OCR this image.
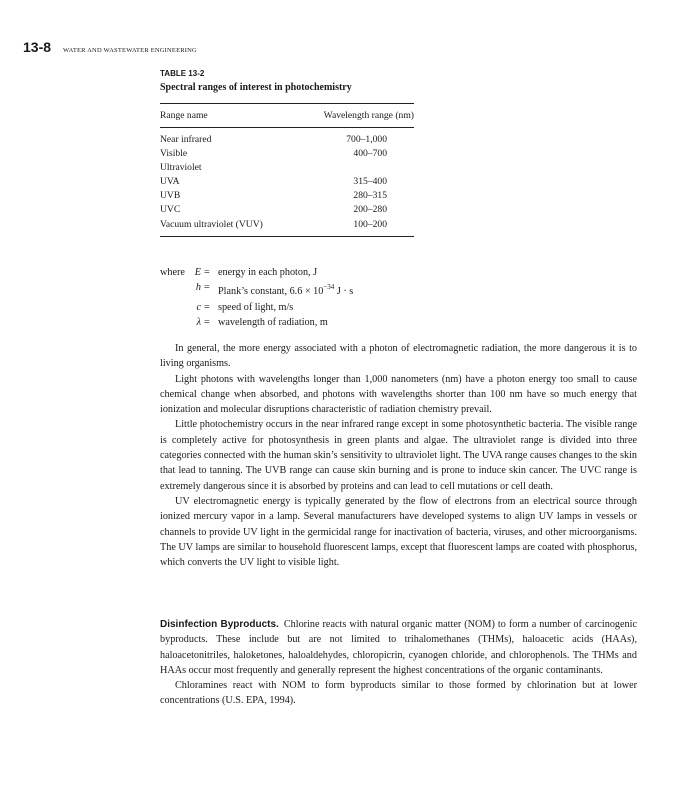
13-8 WATER AND WASTEWATER ENGINEERING
TABLE 13-2
Spectral ranges of interest in photochemistry
Range name	Wavelength range (nm)
Near infrared	700–1,000
Visible	400–700
Ultraviolet	
UVA	315–400
UVB	280–315
UVC	200–280
Vacuum ultraviolet (VUV)	100–200
where E = energy in each photon, J
h = Plank’s constant, $6.6 \times 10^{-34}$ J · s
c = speed of light, m/s
λ = wavelength of radiation, m

In general, the more energy associated with a photon of electromagnetic radiation, the more dangerous it is to living organisms.

Light photons with wavelengths longer than 1,000 nanometers (nm) have a photon energy too small to cause chemical change when absorbed, and photons with wavelengths shorter than 100 nm have so much energy that ionization and molecular disruptions characteristic of radiation chemistry prevail.

Little photochemistry occurs in the near infrared range except in some photosynthetic bacteria. The visible range is completely active for photosynthesis in green plants and algae. The ultraviolet range is divided into three categories connected with the human skin’s sensitivity to ultraviolet light. The UVA range causes changes to the skin that lead to tanning. The UVB range can cause skin burning and is prone to induce skin cancer. The UVC range is extremely dangerous since it is absorbed by proteins and can lead to cell mutations or cell death.

UV electromagnetic energy is typically generated by the flow of electrons from an electrical source through ionized mercury vapor in a lamp. Several manufacturers have developed systems to align UV lamps in vessels or channels to provide UV light in the germicidal range for inactivation of bacteria, viruses, and other microorganisms. The UV lamps are similar to household fluorescent lamps, except that fluorescent lamps are coated with phosphorus, which converts the UV light to visible light.

Disinfection Byproducts. Chlorine reacts with natural organic matter (NOM) to form a number of carcinogenic byproducts. These include but are not limited to trihalomethanes (THMs), haloacetic acids (HAAs), haloacetonitriles, haloketones, haloaldehydes, chloropicrin, cyanogen chloride, and chlorophenols. The THMs and HAAs occur most frequently and generally represent the highest concentrations of the organic contaminants.

Chloramines react with NOM to form byproducts similar to those formed by chlorination but at lower concentrations (U.S. EPA, 1994).
